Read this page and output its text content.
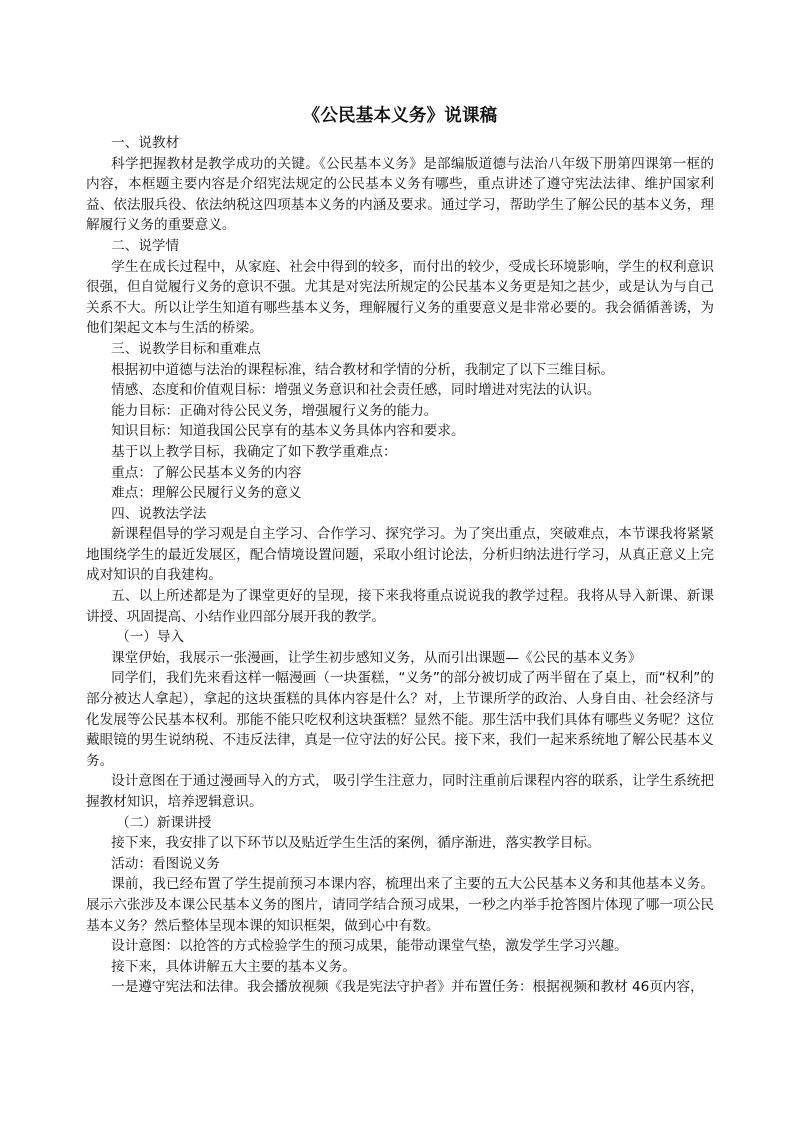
《公民基本义务》说课稿

一、说教材

科学把握教材是教学成功的关键。《公民基本义务》是部编版道德与法治八年级下册第四课第一框的内容，本框题主要内容是介绍宪法规定的公民基本义务有哪些，重点讲述了遵守宪法法律、维护国家利益、依法服兵役、依法纳税这四项基本义务的内涵及要求。通过学习，帮助学生了解公民的基本义务，理解履行义务的重要意义。

二、说学情

学生在成长过程中，从家庭、社会中得到的较多，而付出的较少，受成长环境影响，学生的权利意识很强，但自觉履行义务的意识不强。尤其是对宪法所规定的公民基本义务更是知之甚少，或是认为与自己关系不大。所以让学生知道有哪些基本义务，理解履行义务的重要意义是非常必要的。我会循循善诱，为他们架起文本与生活的桥梁。

三、说教学目标和重难点

根据初中道德与法治的课程标准，结合教材和学情的分析，我制定了以下三维目标。

情感、态度和价值观目标：增强义务意识和社会责任感，同时增进对宪法的认识。

能力目标：正确对待公民义务，增强履行义务的能力。

知识目标：知道我国公民享有的基本义务具体内容和要求。

基于以上教学目标，我确定了如下教学重难点：

重点：了解公民基本义务的内容

难点：理解公民履行义务的意义

四、说教法学法

新课程倡导的学习观是自主学习、合作学习、探究学习。为了突出重点，突破难点，本节课我将紧紧地围绕学生的最近发展区，配合情境设置问题，采取小组讨论法，分析归纳法进行学习，从真正意义上完成对知识的自我建构。

五、以上所述都是为了课堂更好的呈现，接下来我将重点说说我的教学过程。我将从导入新课、新课讲授、巩固提高、小结作业四部分展开我的教学。

（一）导入

课堂伊始，我展示一张漫画，让学生初步感知义务，从而引出课题—《公民的基本义务》

同学们，我们先来看这样一幅漫画（一块蛋糕，“义务”的部分被切成了两半留在了桌上，而“权利”的部分被达人拿起），拿起的这块蛋糕的具体内容是什么？对，上节课所学的政治、人身自由、社会经济与化发展等公民基本权利。那能不能只吃权利这块蛋糕？显然不能。那生活中我们具体有哪些义务呢？这位戴眼镜的男生说纳税、不违反法律，真是一位守法的好公民。接下来，我们一起来系统地了解公民基本义务。

设计意图在于通过漫画导入的方式， 吸引学生注意力，同时注重前后课程内容的联系，让学生系统把握教材知识，培养逻辑意识。

（二）新课讲授

接下来，我安排了以下环节以及贴近学生生活的案例，循序渐进，落实教学目标。

活动：看图说义务

课前，我已经布置了学生提前预习本课内容，梳理出来了主要的五大公民基本义务和其他基本义务。展示六张涉及本课公民基本义务的图片，请同学结合预习成果，一秒之内举手抢答图片体现了哪一项公民基本义务？然后整体呈现本课的知识框架，做到心中有数。

设计意图：以抢答的方式检验学生的预习成果，能带动课堂气垫，激发学生学习兴趣。

接下来，具体讲解五大主要的基本义务。

一是遵守宪法和法律。我会播放视频《我是宪法守护者》并布置任务：根据视频和教材 46页内容，
